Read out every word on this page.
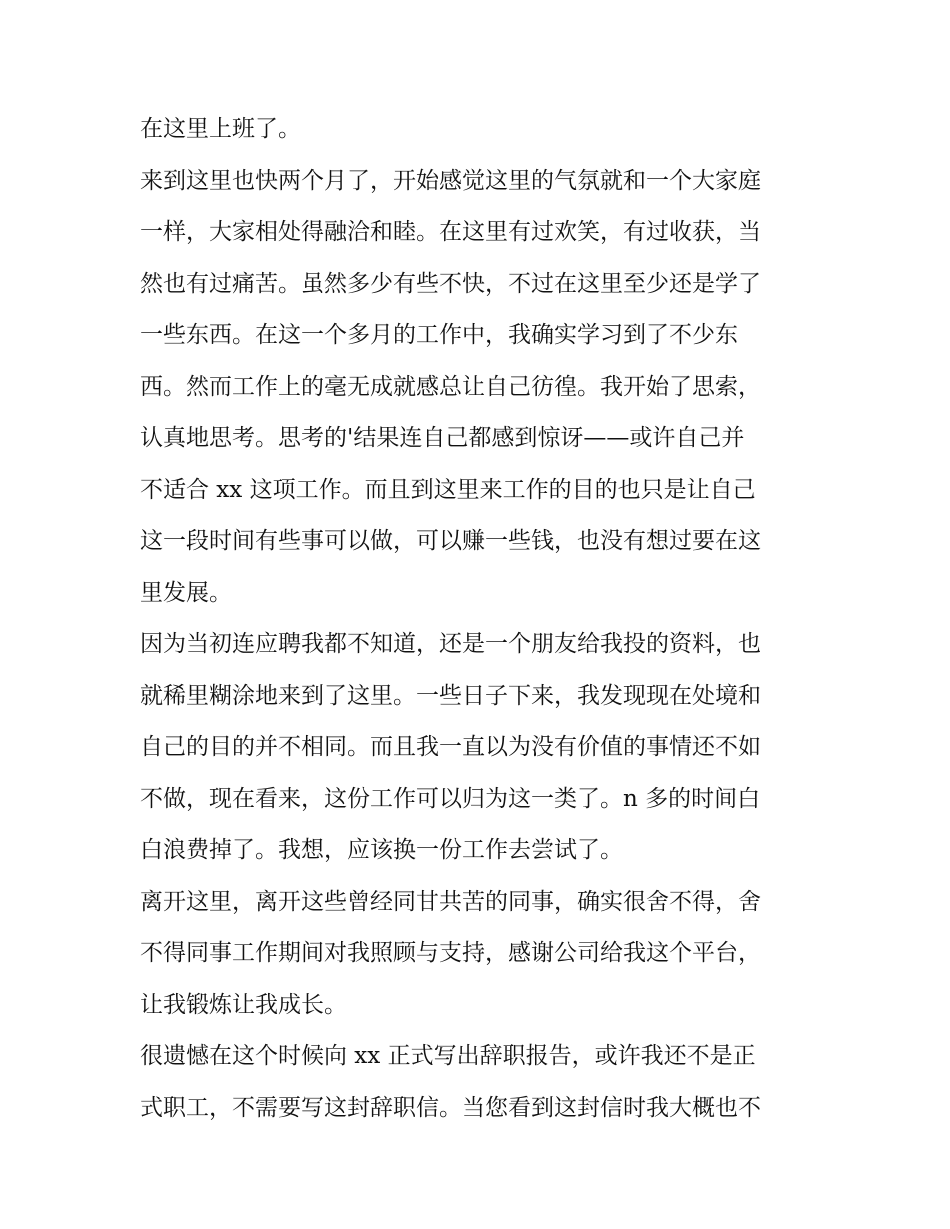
在这里上班了。
来到这里也快两个月了，开始感觉这里的气氛就和一个大家庭
一样，大家相处得融洽和睦。在这里有过欢笑，有过收获，当
然也有过痛苦。虽然多少有些不快，不过在这里至少还是学了
一些东西。在这一个多月的工作中，我确实学习到了不少东
西。然而工作上的毫无成就感总让自己彷徨。我开始了思索，
认真地思考。思考的'结果连自己都感到惊讶——或许自己并
不适合 xx 这项工作。而且到这里来工作的目的也只是让自己
这一段时间有些事可以做，可以赚一些钱，也没有想过要在这
里发展。
因为当初连应聘我都不知道，还是一个朋友给我投的资料，也
就稀里糊涂地来到了这里。一些日子下来，我发现现在处境和
自己的目的并不相同。而且我一直以为没有价值的事情还不如
不做，现在看来，这份工作可以归为这一类了。n 多的时间白
白浪费掉了。我想，应该换一份工作去尝试了。
离开这里，离开这些曾经同甘共苦的同事，确实很舍不得，舍
不得同事工作期间对我照顾与支持，感谢公司给我这个平台，
让我锻炼让我成长。
很遗憾在这个时候向 xx 正式写出辞职报告，或许我还不是正
式职工，不需要写这封辞职信。当您看到这封信时我大概也不
